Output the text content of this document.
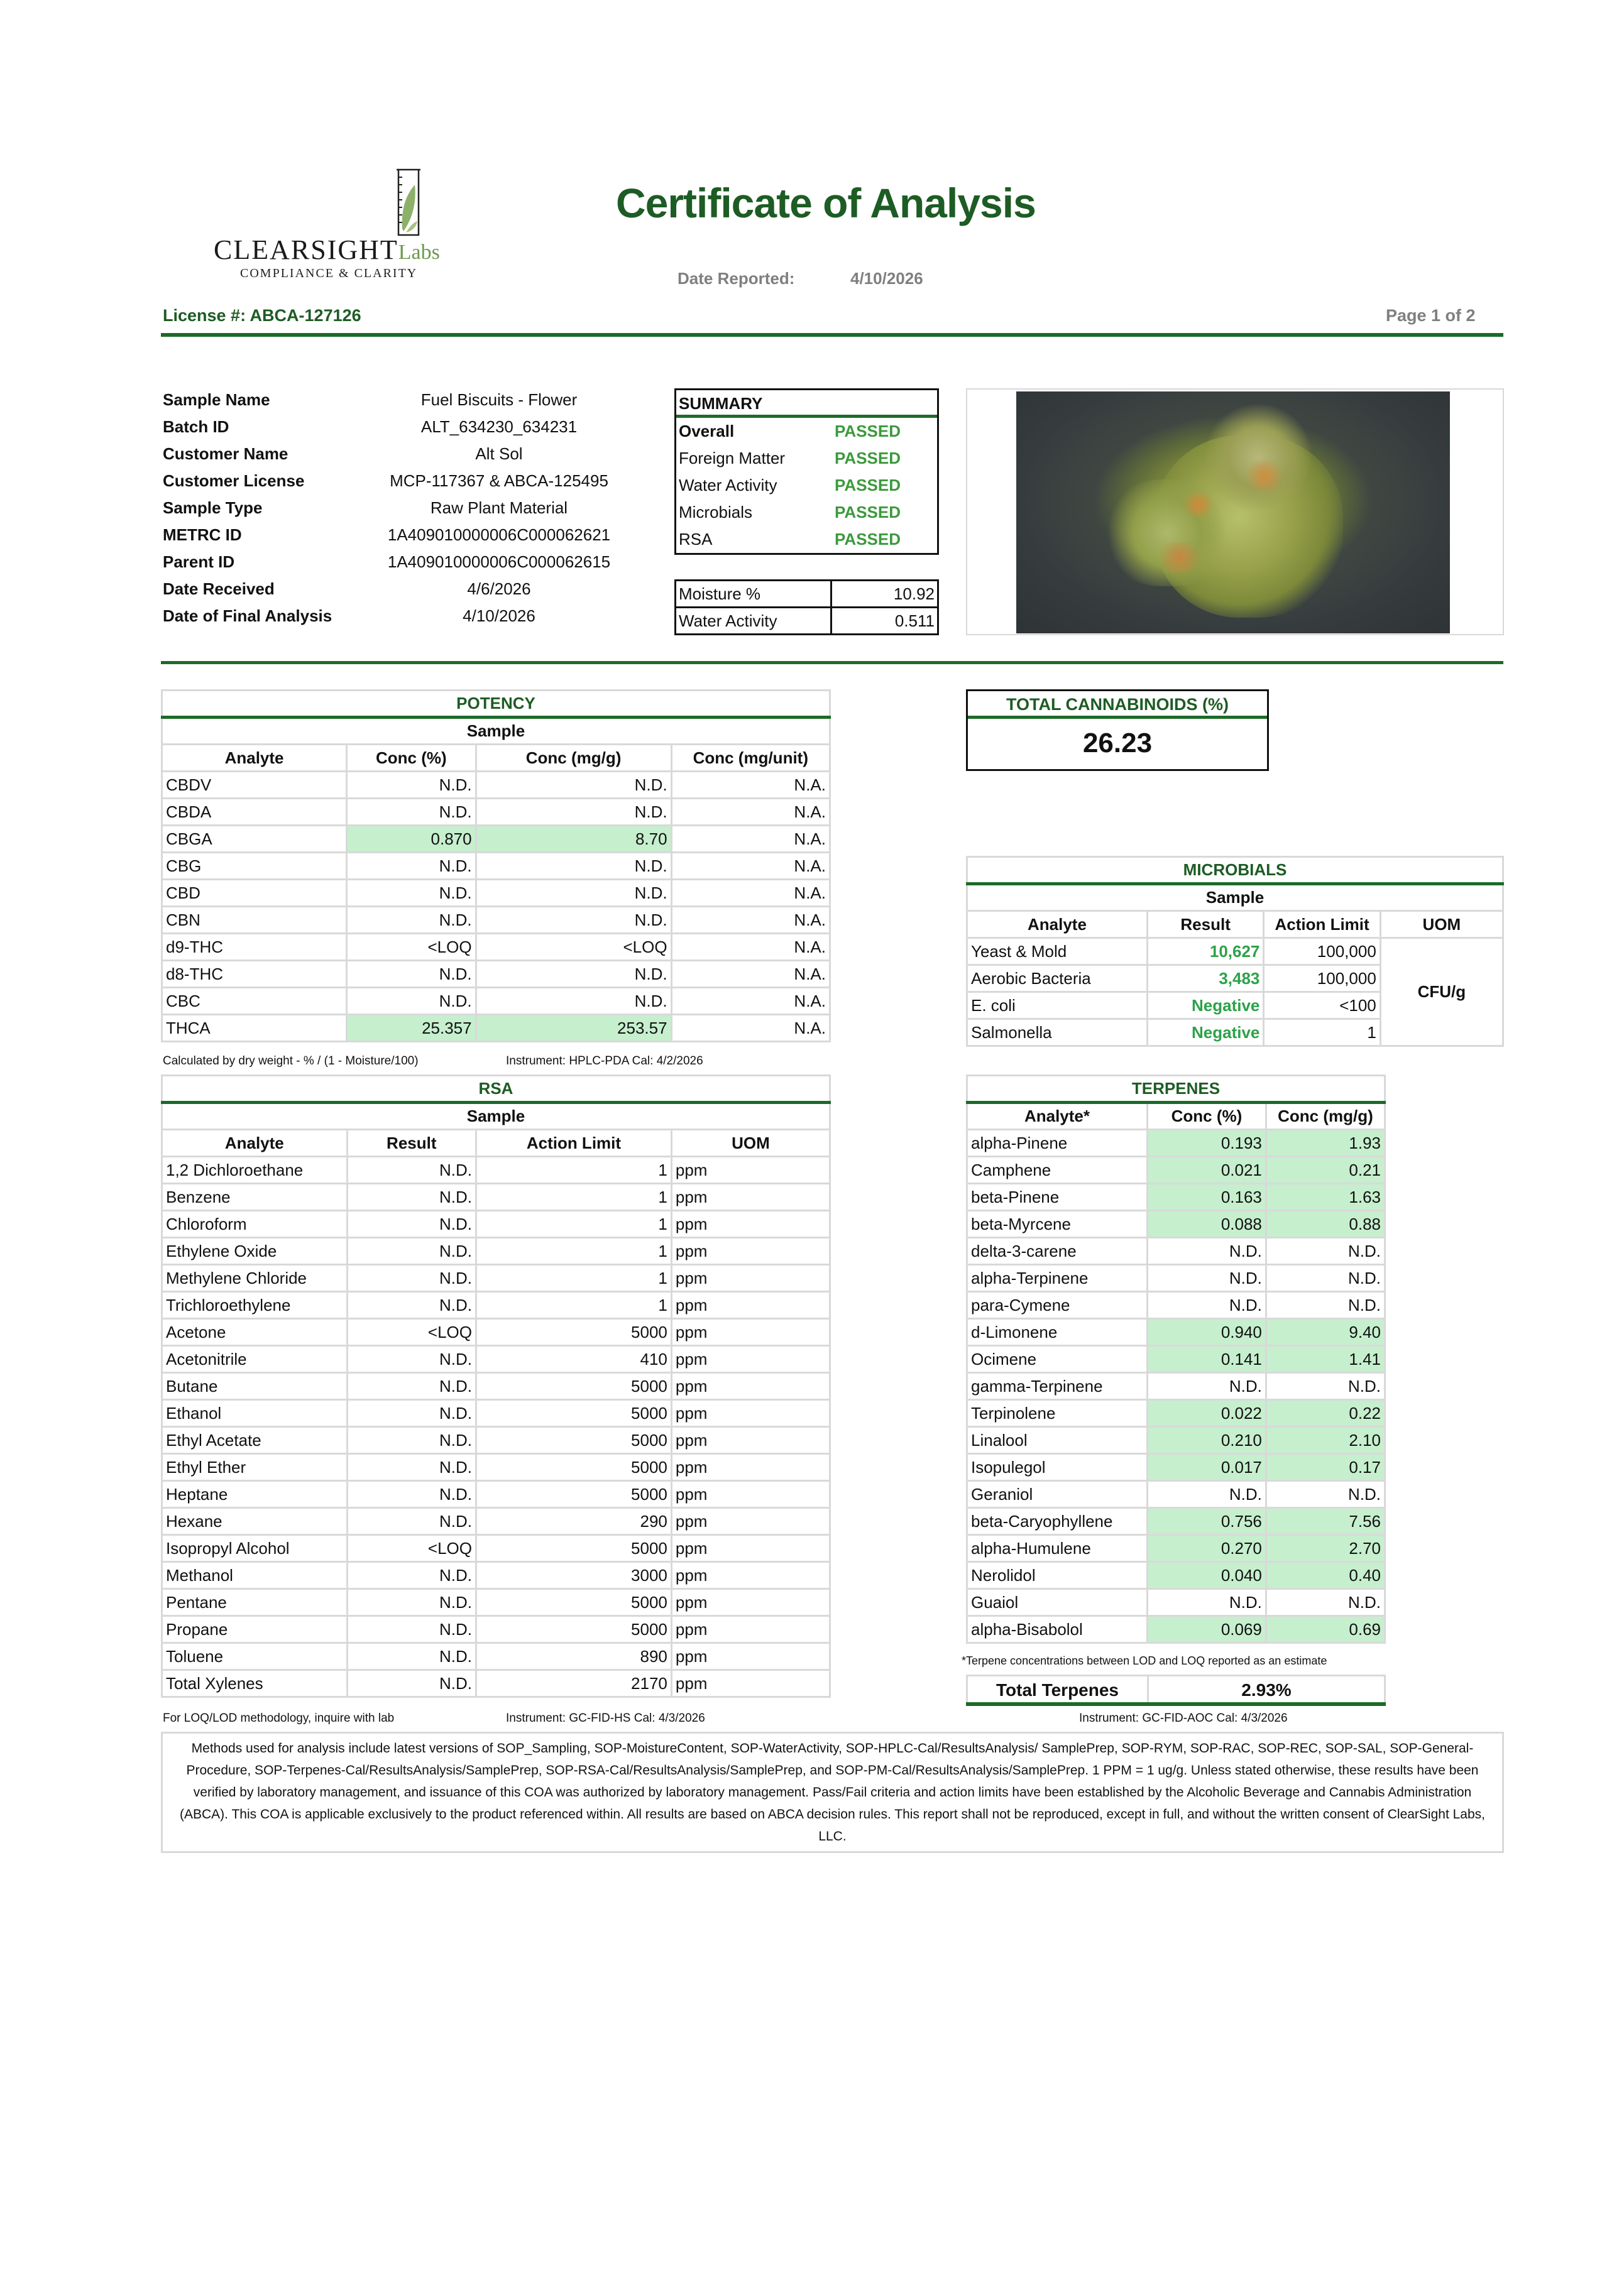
CLEARSIGHTLabs
COMPLIANCE & CLARITY
Certificate of Analysis
Date Reported:	4/10/2026
License #: ABCA-127126	Page 1 of 2
Sample Name	Fuel Biscuits - Flower
Batch ID	ALT_634230_634231
Customer Name	Alt Sol
Customer License	MCP-117367 & ABCA-125495
Sample Type	Raw Plant Material
METRC ID	1A409010000006C000062621
Parent ID	1A409010000006C000062615
Date Received	4/6/2026
Date of Final Analysis	4/10/2026
SUMMARY
Overall	PASSED
Foreign Matter	PASSED
Water Activity	PASSED
Microbials	PASSED
RSA	PASSED
Moisture %	10.92
Water Activity	0.511
POTENCY			
Sample			
Analyte	Conc (%)	Conc (mg/g)	Conc (mg/unit)
CBDV	N.D.	N.D.	N.A.
CBDA	N.D.	N.D.	N.A.
CBGA	0.870	8.70	N.A.
CBG	N.D.	N.D.	N.A.
CBD	N.D.	N.D.	N.A.
CBN	N.D.	N.D.	N.A.
d9-THC	<LOQ	<LOQ	N.A.
d8-THC	N.D.	N.D.	N.A.
CBC	N.D.	N.D.	N.A.
THCA	25.357	253.57	N.A.
Calculated by dry weight - % / (1 - Moisture/100)	Instrument: HPLC-PDA Cal: 4/2/2026
TOTAL CANNABINOIDS (%)
26.23
MICROBIALS			
Sample			
Analyte	Result	Action Limit	UOM
Yeast & Mold	10,627	100,000	CFU/g
Aerobic Bacteria	3,483	100,000	
E. coli	Negative	<100	
Salmonella	Negative	1	
RSA			
Sample			
Analyte	Result	Action Limit	UOM
1,2 Dichloroethane	N.D.	1	ppm
Benzene	N.D.	1	ppm
Chloroform	N.D.	1	ppm
Ethylene Oxide	N.D.	1	ppm
Methylene Chloride	N.D.	1	ppm
Trichloroethylene	N.D.	1	ppm
Acetone	<LOQ	5000	ppm
Acetonitrile	N.D.	410	ppm
Butane	N.D.	5000	ppm
Ethanol	N.D.	5000	ppm
Ethyl Acetate	N.D.	5000	ppm
Ethyl Ether	N.D.	5000	ppm
Heptane	N.D.	5000	ppm
Hexane	N.D.	290	ppm
Isopropyl Alcohol	<LOQ	5000	ppm
Methanol	N.D.	3000	ppm
Pentane	N.D.	5000	ppm
Propane	N.D.	5000	ppm
Toluene	N.D.	890	ppm
Total Xylenes	N.D.	2170	ppm
For LOQ/LOD methodology, inquire with lab	Instrument: GC-FID-HS Cal: 4/3/2026
TERPENES		
Analyte*	Conc (%)	Conc (mg/g)
alpha-Pinene	0.193	1.93
Camphene	0.021	0.21
beta-Pinene	0.163	1.63
beta-Myrcene	0.088	0.88
delta-3-carene	N.D.	N.D.
alpha-Terpinene	N.D.	N.D.
para-Cymene	N.D.	N.D.
d-Limonene	0.940	9.40
Ocimene	0.141	1.41
gamma-Terpinene	N.D.	N.D.
Terpinolene	0.022	0.22
Linalool	0.210	2.10
Isopulegol	0.017	0.17
Geraniol	N.D.	N.D.
beta-Caryophyllene	0.756	7.56
alpha-Humulene	0.270	2.70
Nerolidol	0.040	0.40
Guaiol	N.D.	N.D.
alpha-Bisabolol	0.069	0.69
*Terpene concentrations between LOD and LOQ reported as an estimate
Total Terpenes	2.93%
Instrument: GC-FID-AOC Cal: 4/3/2026
Methods used for analysis include latest versions of SOP_Sampling, SOP-MoistureContent, SOP-WaterActivity, SOP-HPLC-Cal/ResultsAnalysis/ SamplePrep, SOP-RYM, SOP-RAC, SOP-REC, SOP-SAL, SOP-General-Procedure, SOP-Terpenes-Cal/ResultsAnalysis/SamplePrep, SOP-RSA-Cal/ResultsAnalysis/SamplePrep, and SOP-PM-Cal/ResultsAnalysis/SamplePrep. 1 PPM = 1 ug/g. Unless stated otherwise, these results have been verified by laboratory management, and issuance of this COA was authorized by laboratory management. Pass/Fail criteria and action limits have been established by the Alcoholic Beverage and Cannabis Administration (ABCA). This COA is applicable exclusively to the product referenced within. All results are based on ABCA decision rules. This report shall not be reproduced, except in full, and without the written consent of ClearSight Labs, LLC.
